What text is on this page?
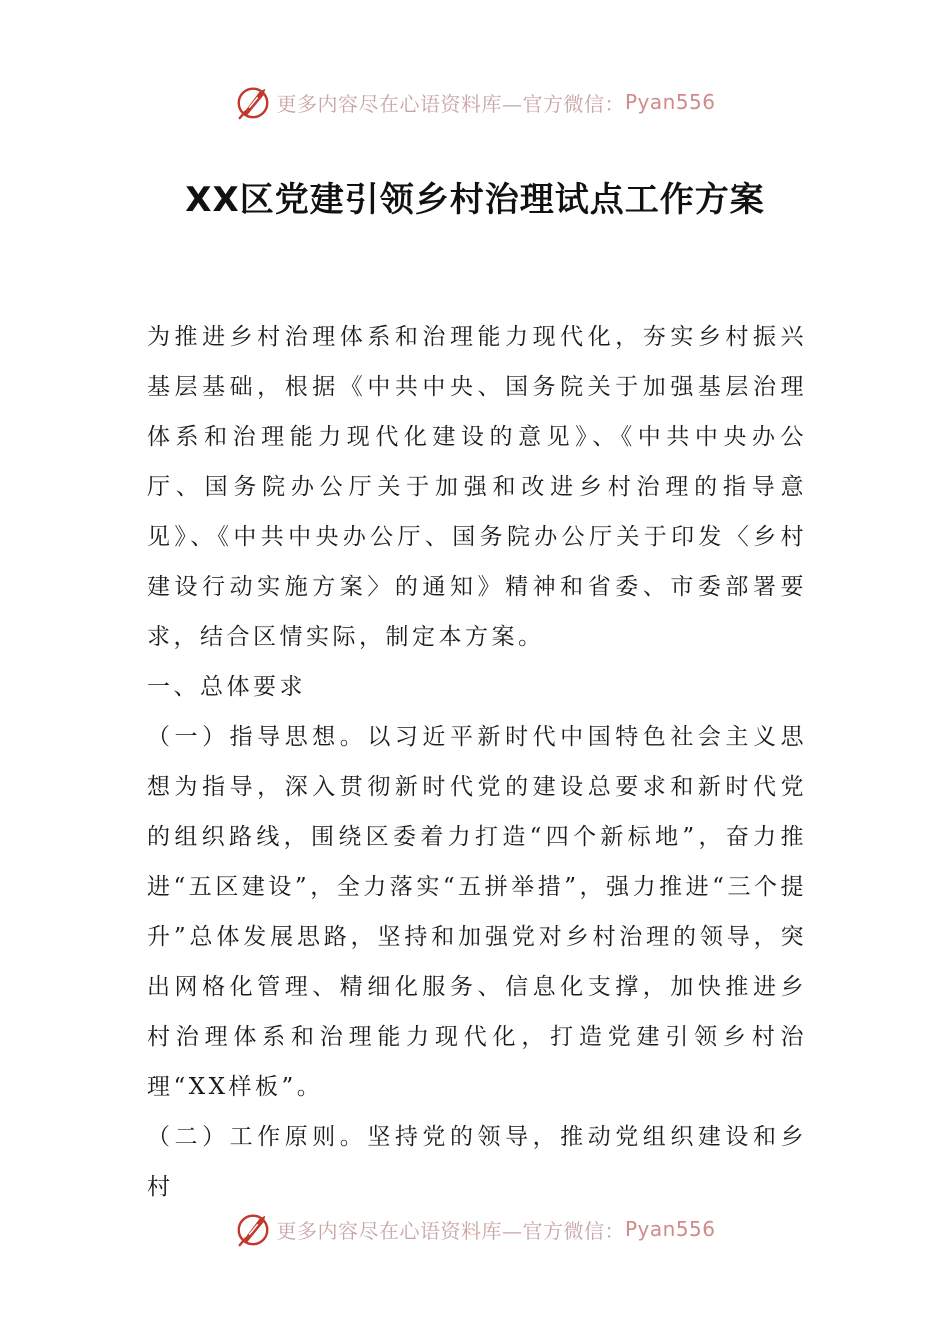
更多内容尽在心语资料库—官方微信： Pyan556
XX区党建引领乡村治理试点工作方案

为推进乡村治理体系和治理能力现代化，夯实乡村振兴基层基础，根据《中共中央、国务院关于加强基层治理体系和治理能力现代化建设的意见》、《中共中央办公厅、国务院办公厅关于加强和改进乡村治理的指导意见》、《中共中央办公厅、国务院办公厅关于印发〈乡村建设行动实施方案〉的通知》精神和省委、市委部署要求，结合区情实际，制定本方案。

一、总体要求

（一）指导思想。以习近平新时代中国特色社会主义思想为指导，深入贯彻新时代党的建设总要求和新时代党的组织路线，围绕区委着力打造“四个新标地”，奋力推进“五区建设”，全力落实“五拼举措”，强力推进“三个提升”总体发展思路，坚持和加强党对乡村治理的领导，突出网格化管理、精细化服务、信息化支撑，加快推进乡村治理体系和治理能力现代化，打造党建引领乡村治理“XX样板”。

（二）工作原则。坚持党的领导，推动党组织建设和乡村

更多内容尽在心语资料库—官方微信： Pyan556
